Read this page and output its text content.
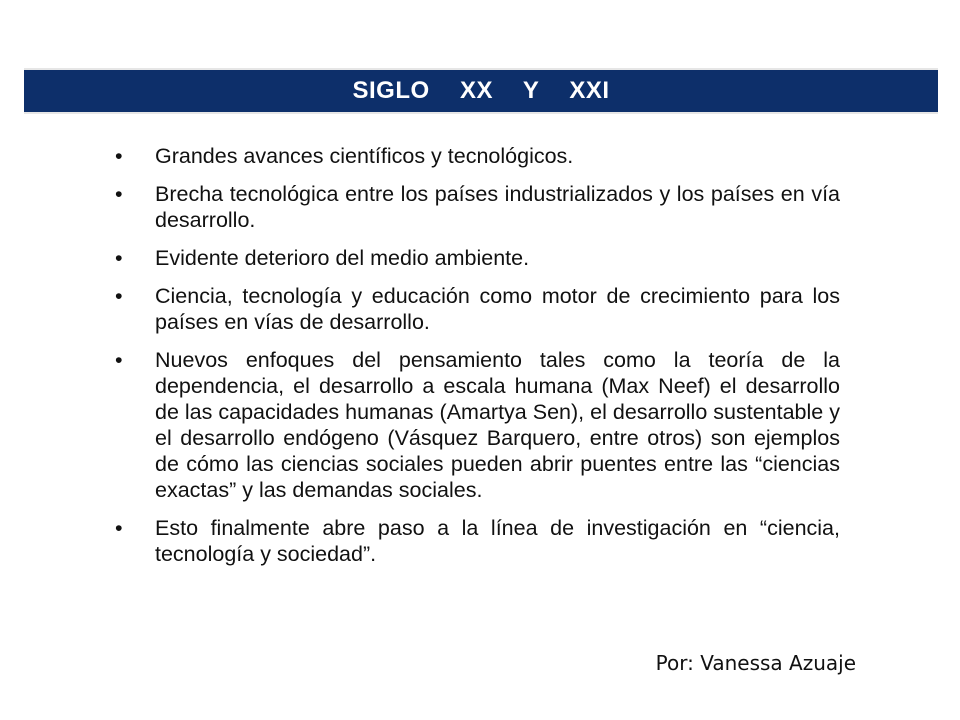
SIGLO  XX  Y  XXI
• Grandes avances científicos y tecnológicos.
• Brecha tecnológica entre los países industrializados y los países en vía desarrollo.
• Evidente deterioro del medio ambiente.
• Ciencia, tecnología y educación como motor de crecimiento para los países en vías de desarrollo.
• Nuevos enfoques del pensamiento tales como la teoría de la dependencia, el desarrollo a escala humana (Max Neef) el desarrollo de las capacidades humanas (Amartya Sen), el desarrollo sustentable y el desarrollo endógeno (Vásquez Barquero, entre otros) son ejemplos de cómo las ciencias sociales pueden abrir puentes entre las “ciencias exactas” y las demandas sociales.
• Esto finalmente abre paso a la línea de investigación en “ciencia, tecnología y sociedad”.
Por: Vanessa Azuaje
